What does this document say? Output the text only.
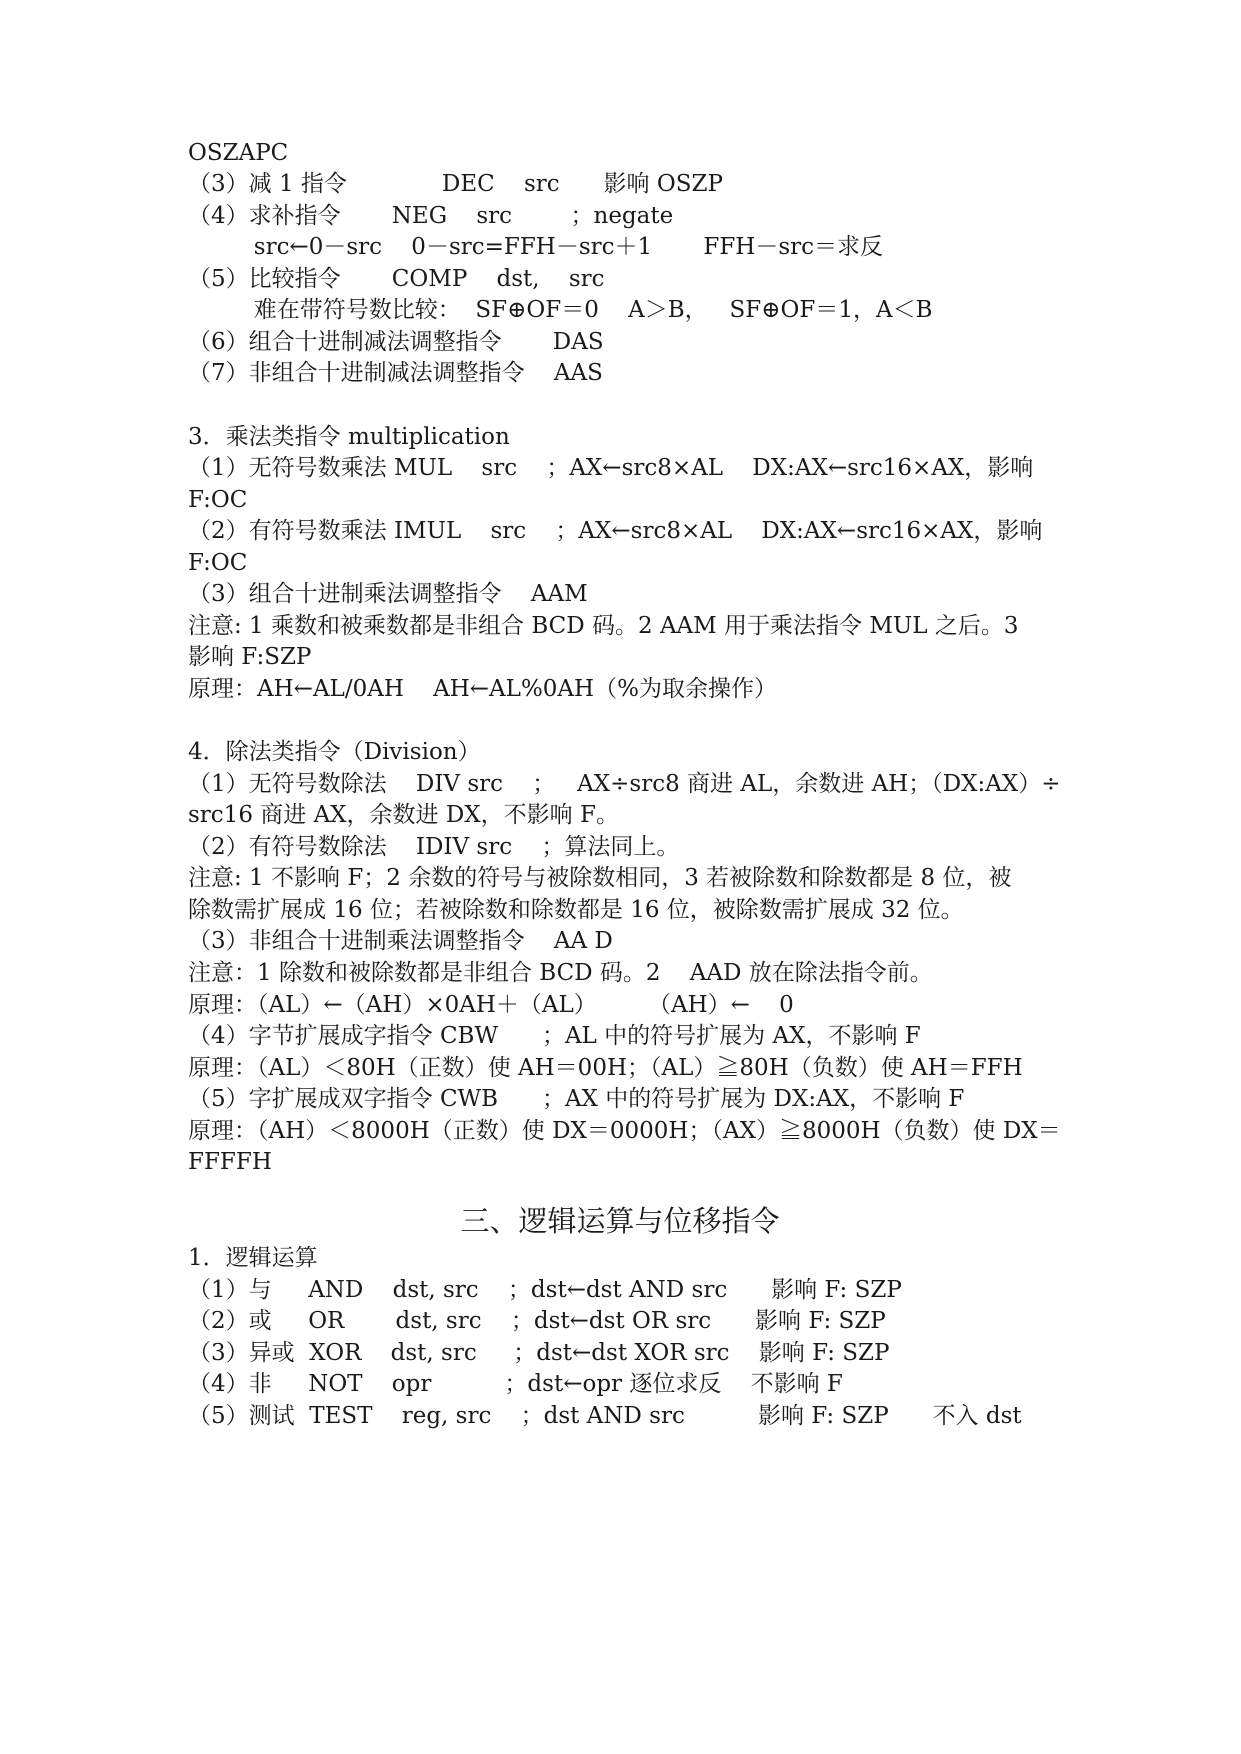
OSZAPC
（3）减 1 指令             DEC    src      影响 OSZP
（4）求补指令       NEG    src        ；negate
src←0－src    0－src=FFH－src＋1       FFH－src＝求反
（5）比较指令       COMP    dst,    src
难在带符号数比较：  SF⊕OF＝0    A＞B，   SF⊕OF＝1，A＜B
（6）组合十进制减法调整指令       DAS
（7）非组合十进制减法调整指令    AAS
3．乘法类指令 multiplication
（1）无符号数乘法 MUL    src    ；AX←src8×AL    DX:AX←src16×AX，影响
F:OC
（2）有符号数乘法 IMUL    src    ；AX←src8×AL    DX:AX←src16×AX，影响
F:OC
（3）组合十进制乘法调整指令    AAM
注意: 1 乘数和被乘数都是非组合 BCD 码。2 AAM 用于乘法指令 MUL 之后。3
影响 F:SZP
原理：AH←AL/0AH    AH←AL%0AH（%为取余操作）
4．除法类指令（Division）
（1）无符号数除法    DIV src    ；   AX÷src8 商进 AL，余数进 AH；（DX:AX）÷
src16 商进 AX，余数进 DX，不影响 F。
（2）有符号数除法    IDIV src    ；算法同上。
注意: 1 不影响 F；2 余数的符号与被除数相同，3 若被除数和除数都是 8 位，被
除数需扩展成 16 位；若被除数和除数都是 16 位，被除数需扩展成 32 位。
（3）非组合十进制乘法调整指令    AA D
注意：1 除数和被除数都是非组合 BCD 码。2    AAD 放在除法指令前。
原理：（AL）←（AH）×0AH＋（AL）       （AH）←    0
（4）字节扩展成字指令 CBW      ；AL 中的符号扩展为 AX，不影响 F
原理：（AL）＜80H（正数）使 AH＝00H；（AL）≧80H（负数）使 AH＝FFH
（5）字扩展成双字指令 CWB      ；AX 中的符号扩展为 DX:AX，不影响 F
原理：（AH）＜8000H（正数）使 DX＝0000H；（AX）≧8000H（负数）使 DX＝
FFFFH
三、逻辑运算与位移指令
1．逻辑运算
（1）与     AND    dst, src    ；dst←dst AND src      影响 F: SZP
（2）或     OR       dst, src    ；dst←dst OR src      影响 F: SZP
（3）异或  XOR    dst, src     ；dst←dst XOR src    影响 F: SZP
（4）非     NOT    opr          ；dst←opr 逐位求反    不影响 F
（5）测试  TEST    reg, src    ；dst AND src          影响 F: SZP      不入 dst
